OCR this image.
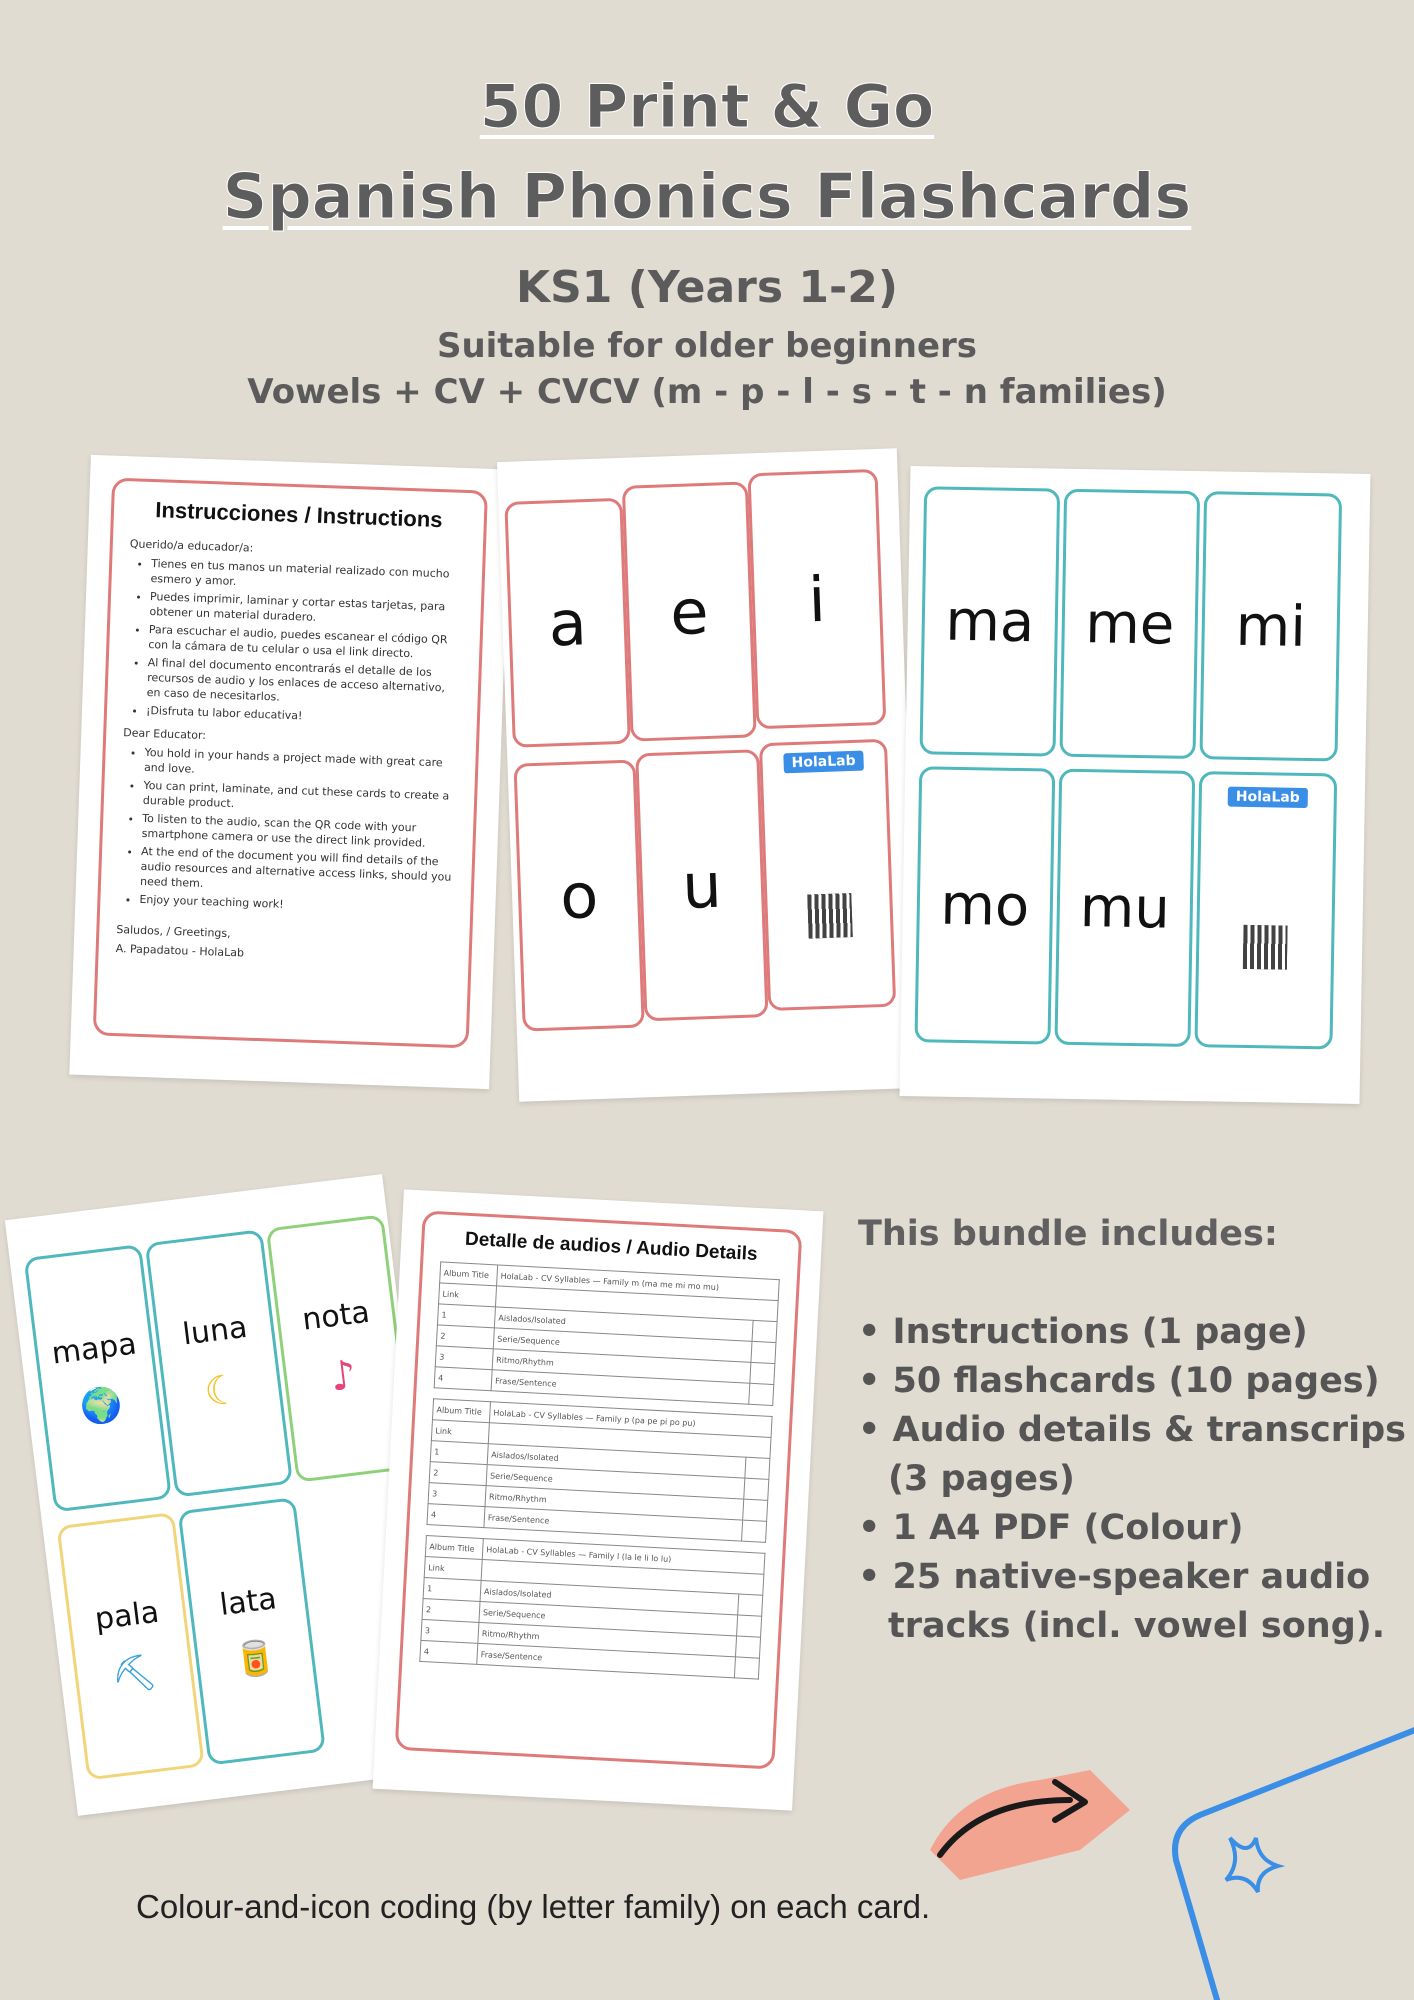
50 Print & Go
Spanish Phonics Flashcards
KS1 (Years 1-2)
Suitable for older beginners
Vowels + CV + CVCV (m - p - l - s - t - n families)
Instrucciones / Instructions
Querido/a educador/a:
• Tienes en tus manos un material realizado con mucho esmero y amor.
• Puedes imprimir, laminar y cortar estas tarjetas, para obtener un material duradero.
• Para escuchar el audio, puedes escanear el código QR con la cámara de tu celular o usa el link directo.
• Al final del documento encontrarás el detalle de los recursos de audio y los enlaces de acceso alternativo, en caso de necesitarlos.
• ¡Disfruta tu labor educativa!
Dear Educator:
• You hold in your hands a project made with great care and love.
• You can print, laminate, and cut these cards to create a durable product.
• To listen to the audio, scan the QR code with your smartphone camera or use the direct link provided.
• At the end of the document you will find details of the audio resources and alternative access links, should you need them.
• Enjoy your teaching work!
Saludos, / Greetings,
A. Papadatou - HolaLab
a	e	i
o	u
HolaLab
ma me	mi
mo mu
HolaLab
mapa
🌍
luna
☾
nota
♪
pala
⛏
lata
🥫
Detalle de audios / Audio Details
Album Title	HolaLab - CV Syllables — Family m (ma me mi mo mu)	
Link		
1	Aislados/Isolated	
2	Serie/Sequence	
3	Ritmo/Rhythm	
4	Frase/Sentence	
Album Title	HolaLab - CV Syllables — Family p (pa pe pi po pu)	
Link		
1	Aislados/Isolated	
2	Serie/Sequence	
3	Ritmo/Rhythm	
4	Frase/Sentence	
Album Title	HolaLab - CV Syllables — Family l (la le li lo lu)	
Link		
1	Aislados/Isolated	
2	Serie/Sequence	
3	Ritmo/Rhythm	
4	Frase/Sentence	
This bundle includes:
• Instructions (1 page)
• 50 flashcards (10 pages)
• Audio details & transcrips
(3 pages)
• 1 A4 PDF (Colour)
• 25 native-speaker audio
tracks (incl. vowel song).
Colour-and-icon coding (by letter family) on each card.
